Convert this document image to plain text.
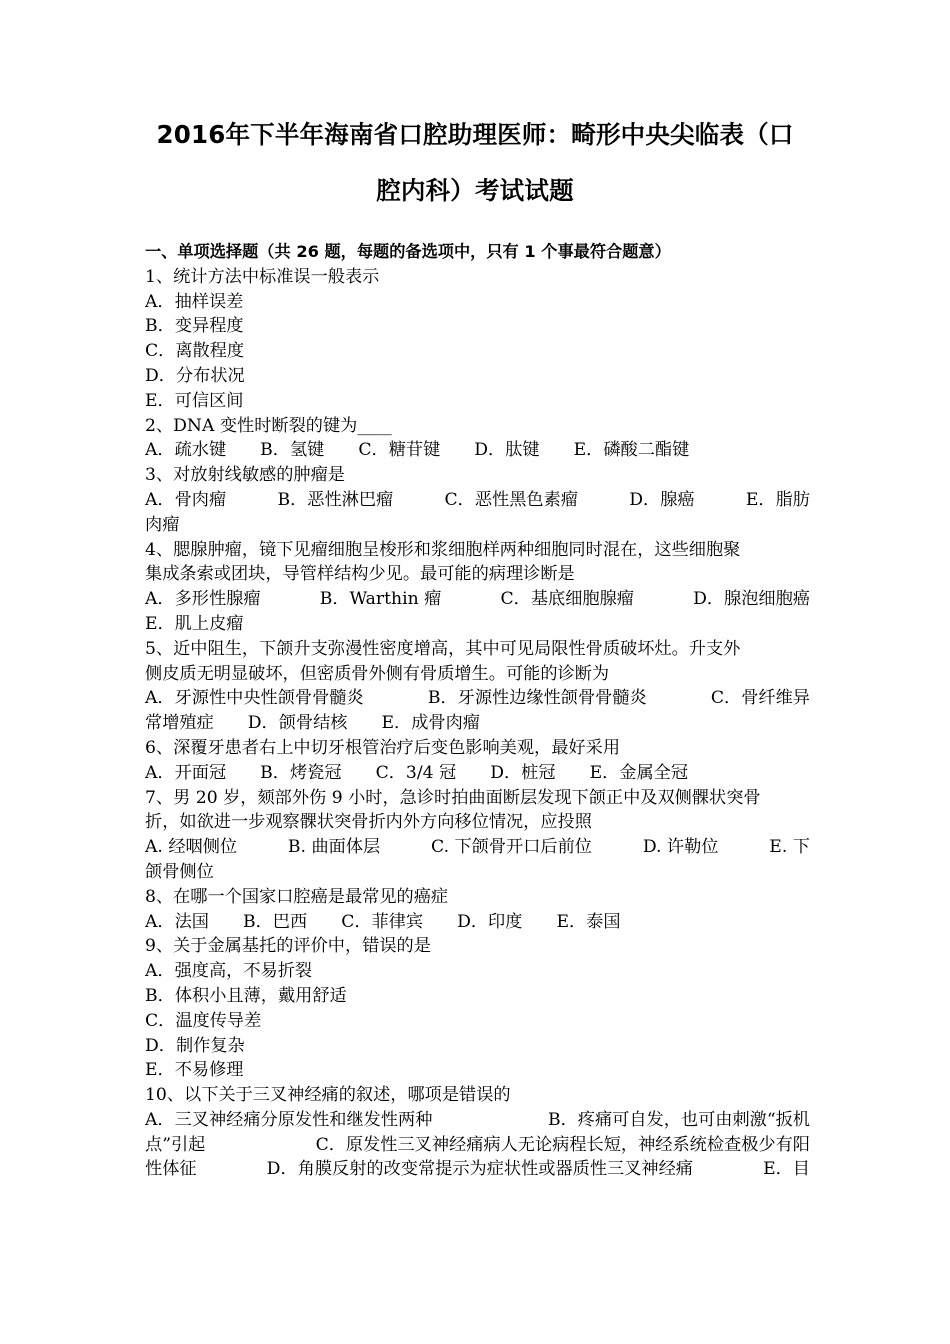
2016年下半年海南省口腔助理医师：畸形中央尖临表（口
腔内科）考试试题
一、单项选择题（共 26 题，每题的备选项中，只有 1 个事最符合题意）
1、统计方法中标准误一般表示
A．抽样误差
B．变异程度
C．离散程度
D．分布状况
E．可信区间
2、DNA 变性时断裂的键为____
A．疏水键 B．氢键 C．糖苷键 D．肽键 E．磷酸二酯键
3、对放射线敏感的肿瘤是
A．骨肉瘤	B．恶性淋巴瘤	C．恶性黑色素瘤	D．腺癌	E．脂肪
肉瘤
4、腮腺肿瘤，镜下见瘤细胞呈梭形和浆细胞样两种细胞同时混在，这些细胞聚
集成条索或团块，导管样结构少见。最可能的病理诊断是
A．多形性腺瘤	B．Warthin 瘤	C．基底细胞腺瘤	D．腺泡细胞癌
E．肌上皮瘤
5、近中阻生，下颌升支弥漫性密度增高，其中可见局限性骨质破坏灶。升支外
侧皮质无明显破坏，但密质骨外侧有骨质增生。可能的诊断为
A．牙源性中央性颌骨骨髓炎	B．牙源性边缘性颌骨骨髓炎	C．骨纤维异
常增殖症 D．颌骨结核 E．成骨肉瘤
6、深覆牙患者右上中切牙根管治疗后变色影响美观，最好采用
A．开面冠 B．烤瓷冠 C．3/4 冠 D．桩冠 E．金属全冠
7、男 20 岁，颏部外伤 9 小时，急诊时拍曲面断层发现下颌正中及双侧髁状突骨
折，如欲进一步观察髁状突骨折内外方向移位情况，应投照
A. 经咽侧位	B. 曲面体层	C. 下颌骨开口后前位	D. 许勒位	E. 下
颌骨侧位
8、在哪一个国家口腔癌是最常见的癌症
A．法国 B．巴西 C．菲律宾 D．印度 E．泰国
9、关于金属基托的评价中，错误的是
A．强度高，不易折裂
B．体积小且薄，戴用舒适
C．温度传导差
D．制作复杂
E．不易修理
10、以下关于三叉神经痛的叙述，哪项是错误的
A．三叉神经痛分原发性和继发性两种	B．疼痛可自发，也可由刺激“扳机
点”引起	C．原发性三叉神经痛病人无论病程长短，神经系统检查极少有阳
性体征	D．角膜反射的改变常提示为症状性或器质性三叉神经痛	E．目
